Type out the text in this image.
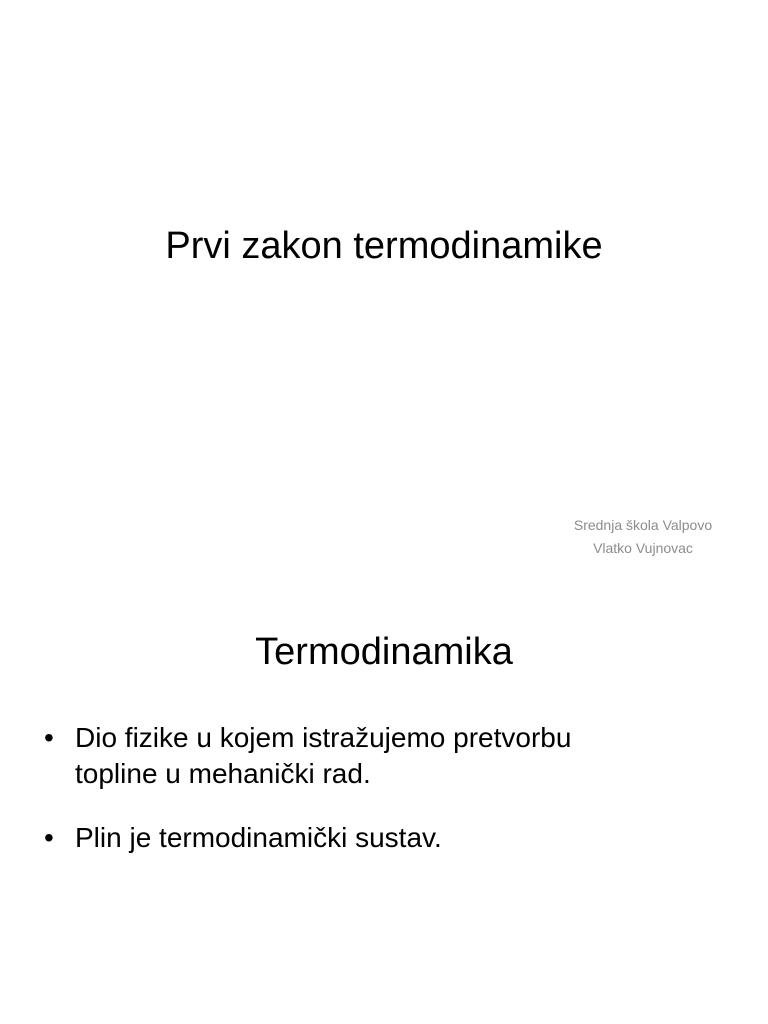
Prvi zakon termodinamike
Srednja škola Valpovo
Vlatko Vujnovac
Termodinamika
• Dio fizike u kojem istražujemo pretvorbu
topline u mehanički rad.
• Plin je termodinamički sustav.
